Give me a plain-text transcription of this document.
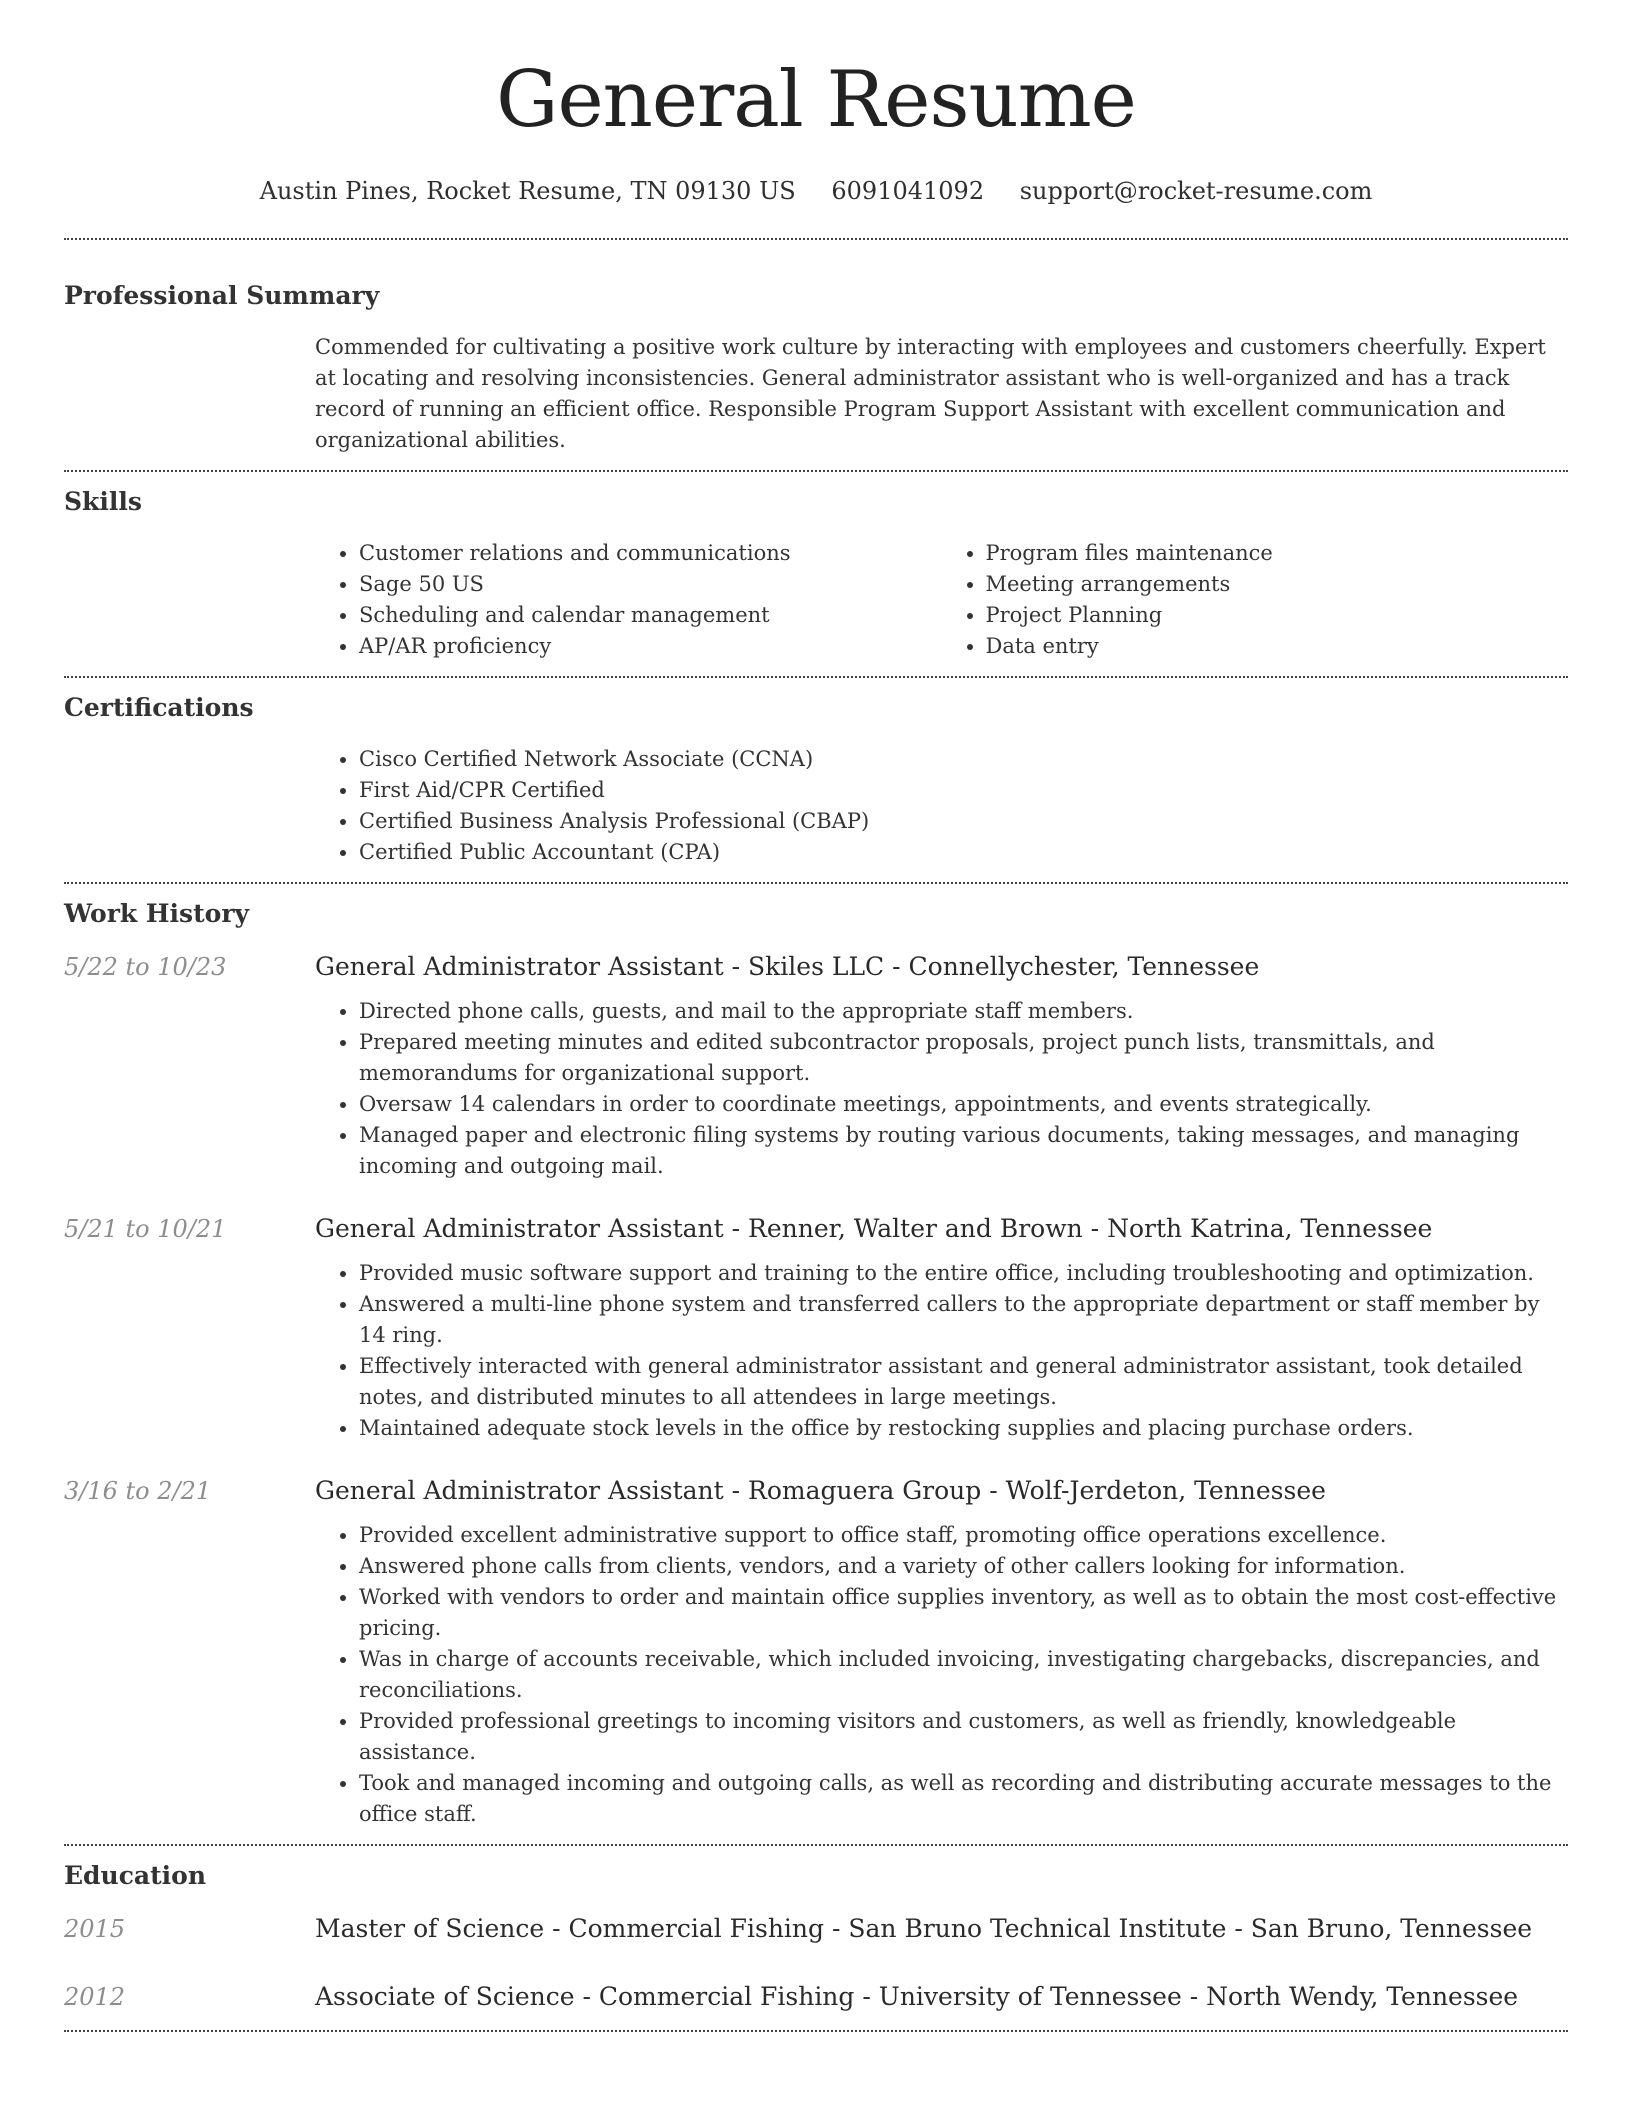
General Resume
Austin Pines, Rocket Resume, TN 09130 US 6091041092 support@rocket-resume.com
Professional Summary
Commended for cultivating a positive work culture by interacting with employees and customers cheerfully. Expert at locating and resolving inconsistencies. General administrator assistant who is well-organized and has a track record of running an efficient office. Responsible Program Support Assistant with excellent communication and organizational abilities.
Skills
• Customer relations and communications
• Sage 50 US
• Scheduling and calendar management
• AP/AR proficiency
• Program files maintenance
• Meeting arrangements
• Project Planning
• Data entry
Certifications
• Cisco Certified Network Associate (CCNA)
• First Aid/CPR Certified
• Certified Business Analysis Professional (CBAP)
• Certified Public Accountant (CPA)
Work History
5/22 to 10/23	General Administrator Assistant - Skiles LLC - Connellychester, Tennessee
• Directed phone calls, guests, and mail to the appropriate staff members.
• Prepared meeting minutes and edited subcontractor proposals, project punch lists, transmittals, and memorandums for organizational support.
• Oversaw 14 calendars in order to coordinate meetings, appointments, and events strategically.
• Managed paper and electronic filing systems by routing various documents, taking messages, and managing incoming and outgoing mail.
5/21 to 10/21	General Administrator Assistant - Renner, Walter and Brown - North Katrina, Tennessee
• Provided music software support and training to the entire office, including troubleshooting and optimization.
• Answered a multi-line phone system and transferred callers to the appropriate department or staff member by 14 ring.
• Effectively interacted with general administrator assistant and general administrator assistant, took detailed notes, and distributed minutes to all attendees in large meetings.
• Maintained adequate stock levels in the office by restocking supplies and placing purchase orders.
3/16 to 2/21	General Administrator Assistant - Romaguera Group - Wolf-Jerdeton, Tennessee
• Provided excellent administrative support to office staff, promoting office operations excellence.
• Answered phone calls from clients, vendors, and a variety of other callers looking for information.
• Worked with vendors to order and maintain office supplies inventory, as well as to obtain the most cost-effective pricing.
• Was in charge of accounts receivable, which included invoicing, investigating chargebacks, discrepancies, and reconciliations.
• Provided professional greetings to incoming visitors and customers, as well as friendly, knowledgeable assistance.
• Took and managed incoming and outgoing calls, as well as recording and distributing accurate messages to the office staff.
Education
2015	Master of Science - Commercial Fishing - San Bruno Technical Institute - San Bruno, Tennessee
2012	Associate of Science - Commercial Fishing - University of Tennessee - North Wendy, Tennessee
